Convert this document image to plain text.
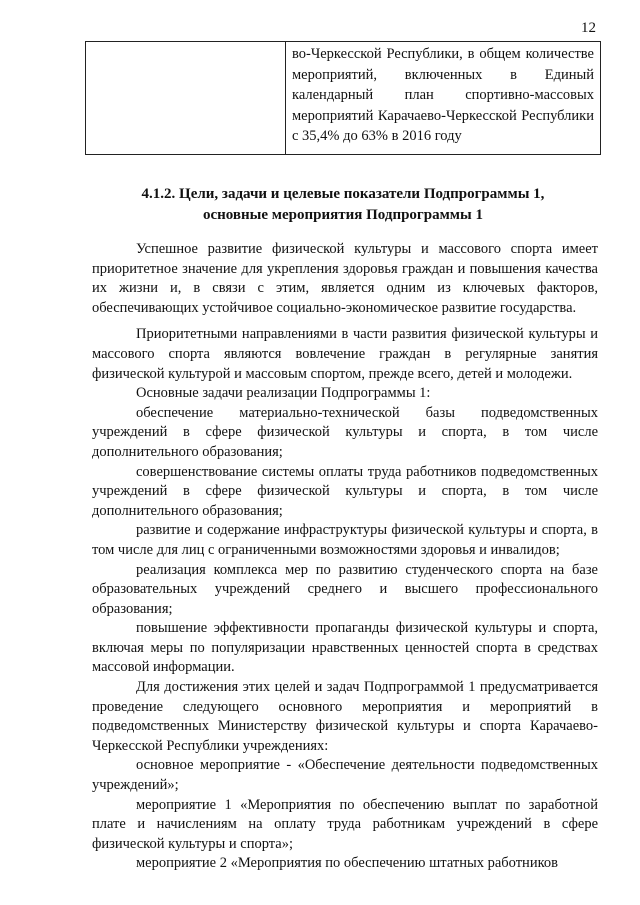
12
	во-Черкесской Республики, в общем количестве мероприятий, включенных в Единый календарный план спортивно-массовых мероприятий Карачаево-Черкесской Республики с 35,4% до 63% в 2016 году
4.1.2. Цели, задачи и целевые показатели Подпрограммы 1,
основные мероприятия Подпрограммы 1

Успешное развитие физической культуры и массового спорта имеет приоритетное значение для укрепления здоровья граждан и повышения качества их жизни и, в связи с этим, является одним из ключевых факторов, обеспечивающих устойчивое социально-экономическое развитие государства.

Приоритетными направлениями в части развития физической культуры и массового спорта являются вовлечение граждан в регулярные занятия физической культурой и массовым спортом, прежде всего, детей и молодежи.

Основные задачи реализации Подпрограммы 1:

обеспечение материально-технической базы подведомственных учреждений в сфере физической культуры и спорта, в том числе дополнительного образования;

совершенствование системы оплаты труда работников подведомственных учреждений в сфере физической культуры и спорта, в том числе дополнительного образования;

развитие и содержание инфраструктуры физической культуры и спорта, в том числе для лиц с ограниченными возможностями здоровья и инвалидов;

реализация комплекса мер по развитию студенческого спорта на базе образовательных учреждений среднего и высшего профессионального образования;

повышение эффективности пропаганды физической культуры и спорта, включая меры по популяризации нравственных ценностей спорта в средствах массовой информации.

Для достижения этих целей и задач Подпрограммой 1 предусматривается проведение следующего основного мероприятия и мероприятий в подведомственных Министерству физической культуры и спорта Карачаево-Черкесской Республики учреждениях:

основное мероприятие - «Обеспечение деятельности подведомственных учреждений»;

мероприятие 1 «Мероприятия по обеспечению выплат по заработной плате и начислениям на оплату труда работникам учреждений в сфере физической культуры и спорта»;

мероприятие 2 «Мероприятия по обеспечению штатных работников
